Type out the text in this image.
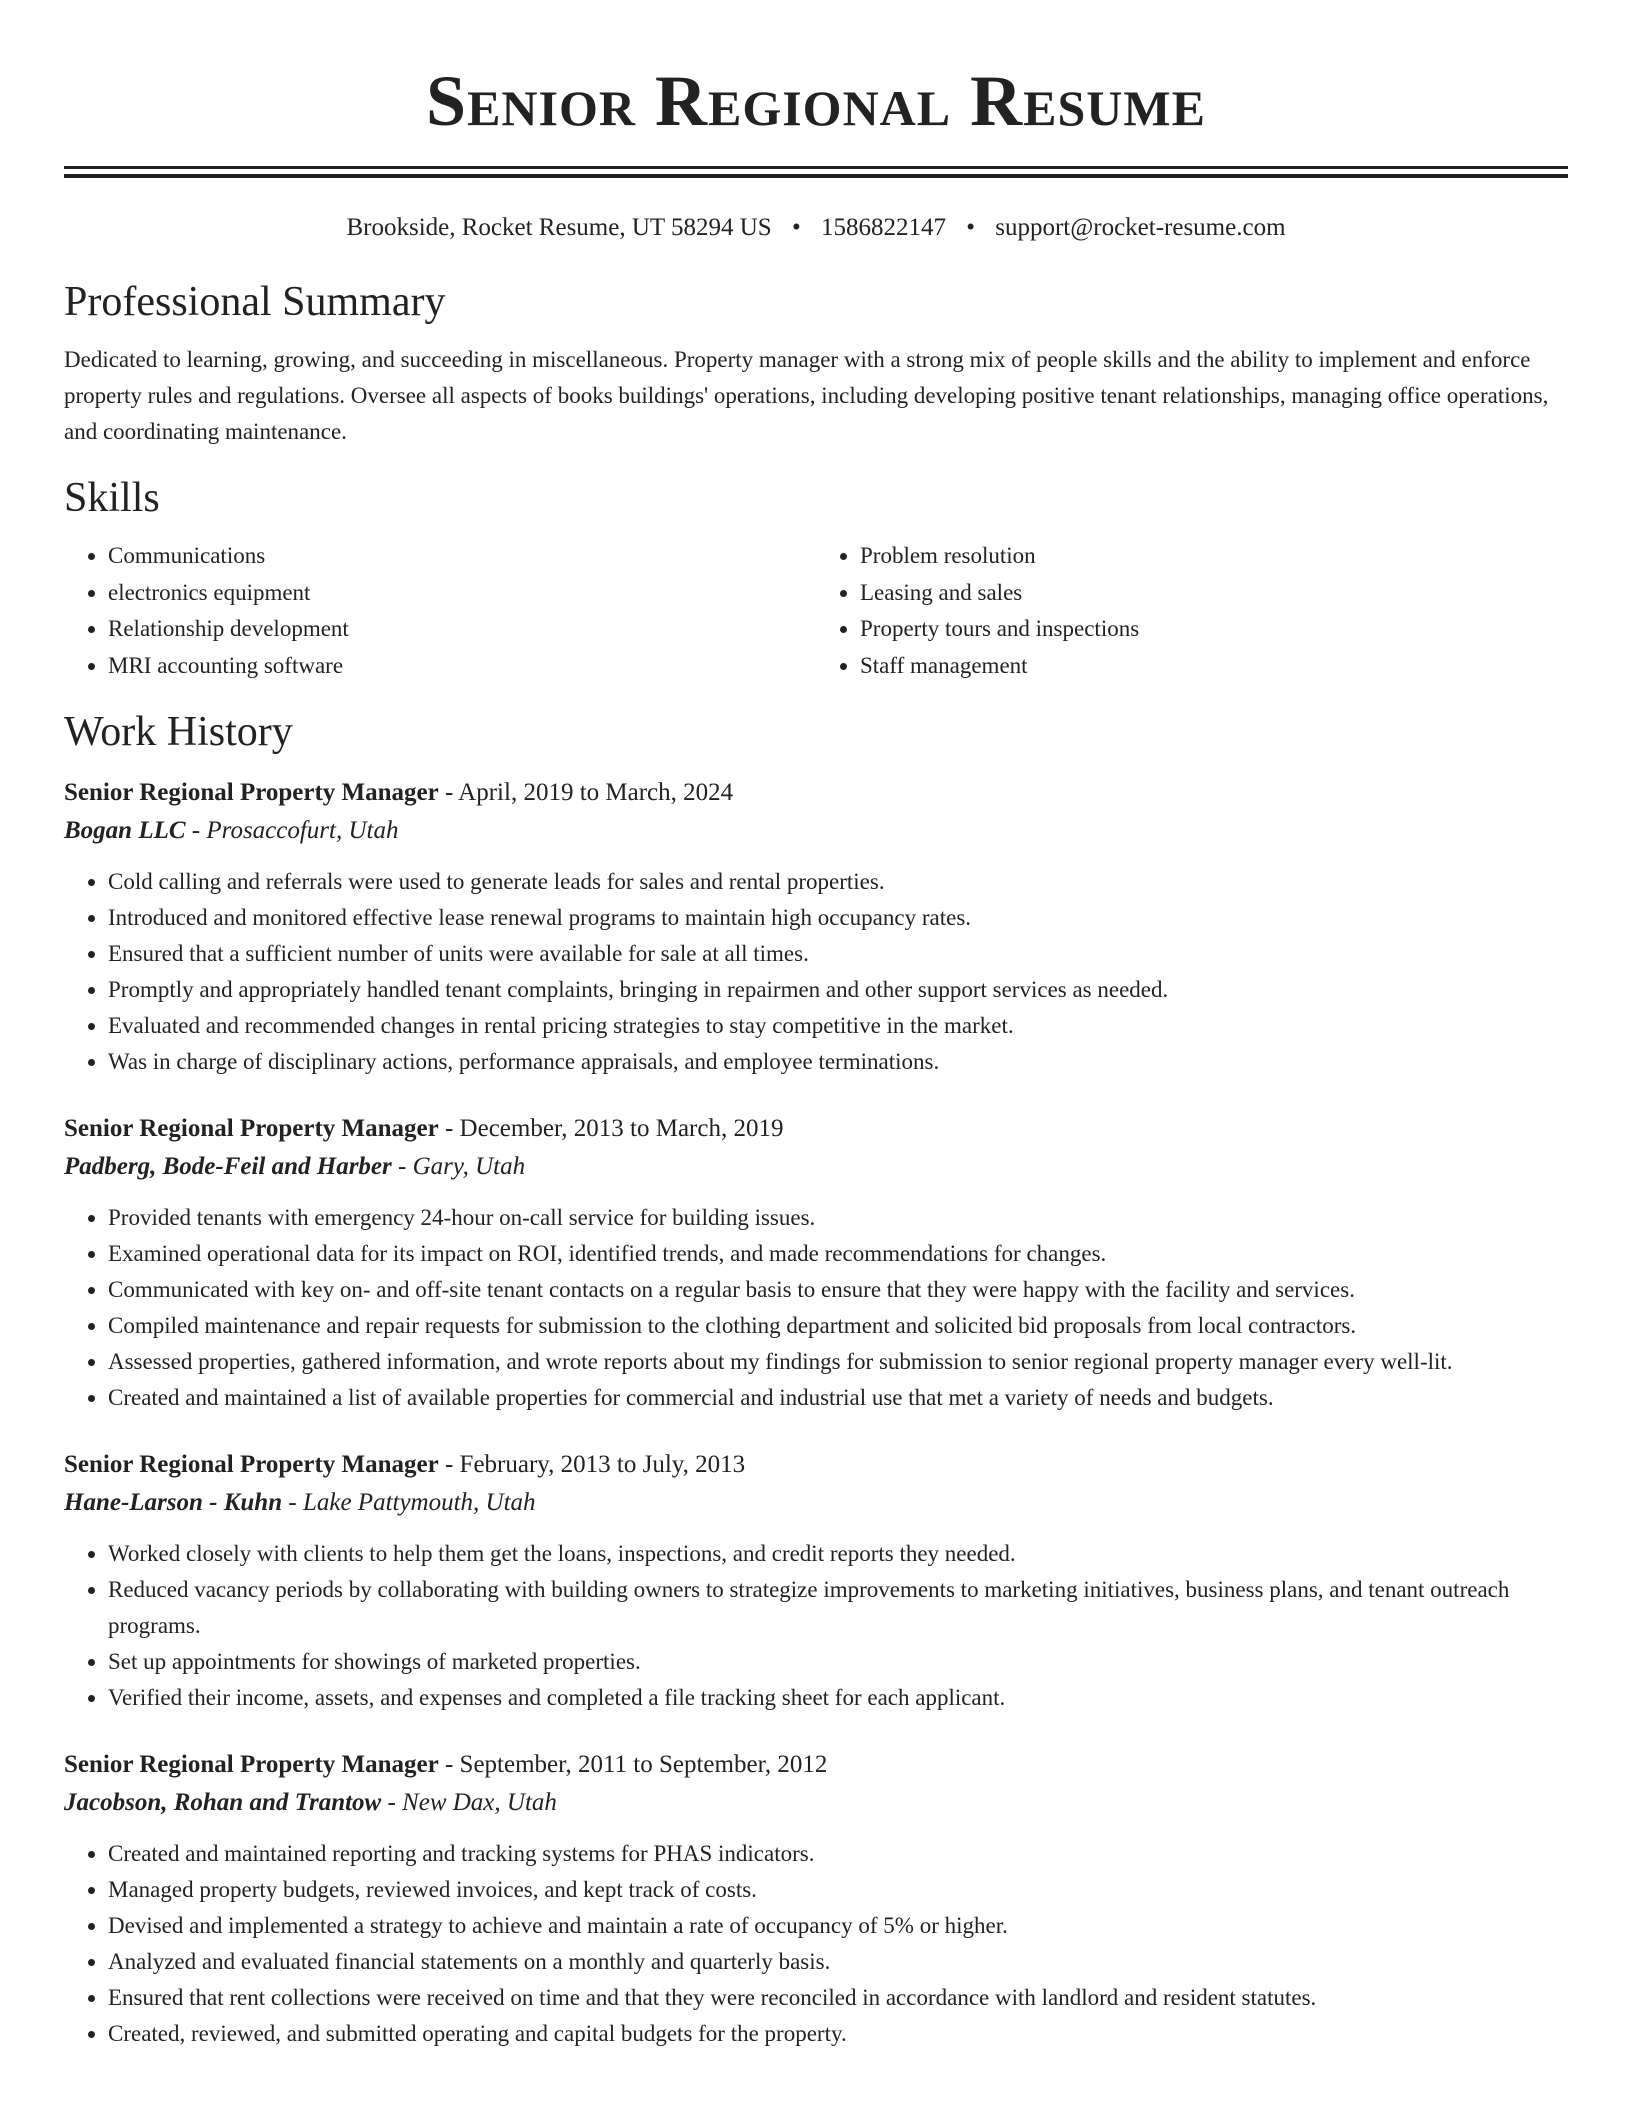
Senior Regional Resume
Brookside, Rocket Resume, UT 58294 US • 1586822147 • support@rocket-resume.com
Professional Summary

Dedicated to learning, growing, and succeeding in miscellaneous. Property manager with a strong mix of people skills and the ability to implement and enforce property rules and regulations. Oversee all aspects of books buildings' operations, including developing positive tenant relationships, managing office operations, and coordinating maintenance.

Skills
• Communications
• electronics equipment
• Relationship development
• MRI accounting software
• Problem resolution
• Leasing and sales
• Property tours and inspections
• Staff management
Work History
Senior Regional Property Manager - April, 2019 to March, 2024
Bogan LLC - Prosaccofurt, Utah
• Cold calling and referrals were used to generate leads for sales and rental properties.
• Introduced and monitored effective lease renewal programs to maintain high occupancy rates.
• Ensured that a sufficient number of units were available for sale at all times.
• Promptly and appropriately handled tenant complaints, bringing in repairmen and other support services as needed.
• Evaluated and recommended changes in rental pricing strategies to stay competitive in the market.
• Was in charge of disciplinary actions, performance appraisals, and employee terminations.
Senior Regional Property Manager - December, 2013 to March, 2019
Padberg, Bode-Feil and Harber - Gary, Utah
• Provided tenants with emergency 24-hour on-call service for building issues.
• Examined operational data for its impact on ROI, identified trends, and made recommendations for changes.
• Communicated with key on- and off-site tenant contacts on a regular basis to ensure that they were happy with the facility and services.
• Compiled maintenance and repair requests for submission to the clothing department and solicited bid proposals from local contractors.
• Assessed properties, gathered information, and wrote reports about my findings for submission to senior regional property manager every well-lit.
• Created and maintained a list of available properties for commercial and industrial use that met a variety of needs and budgets.
Senior Regional Property Manager - February, 2013 to July, 2013
Hane-Larson - Kuhn - Lake Pattymouth, Utah
• Worked closely with clients to help them get the loans, inspections, and credit reports they needed.
• Reduced vacancy periods by collaborating with building owners to strategize improvements to marketing initiatives, business plans, and tenant outreach programs.
• Set up appointments for showings of marketed properties.
• Verified their income, assets, and expenses and completed a file tracking sheet for each applicant.
Senior Regional Property Manager - September, 2011 to September, 2012
Jacobson, Rohan and Trantow - New Dax, Utah
• Created and maintained reporting and tracking systems for PHAS indicators.
• Managed property budgets, reviewed invoices, and kept track of costs.
• Devised and implemented a strategy to achieve and maintain a rate of occupancy of 5% or higher.
• Analyzed and evaluated financial statements on a monthly and quarterly basis.
• Ensured that rent collections were received on time and that they were reconciled in accordance with landlord and resident statutes.
• Created, reviewed, and submitted operating and capital budgets for the property.
